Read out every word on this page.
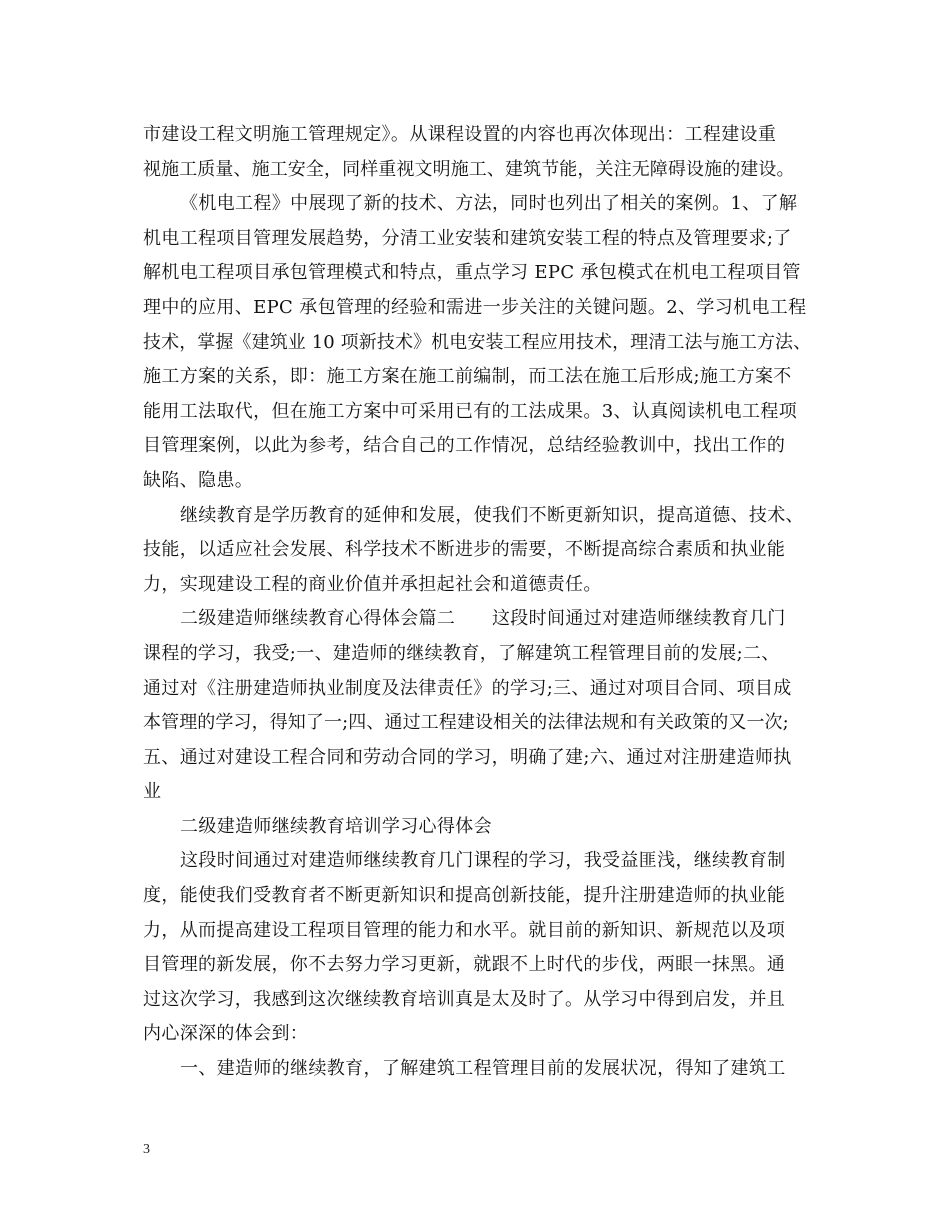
市建设工程文明施工管理规定》。从课程设置的内容也再次体现出：工程建设重
视施工质量、施工安全，同样重视文明施工、建筑节能，关注无障碍设施的建设。
《机电工程》中展现了新的技术、方法，同时也列出了相关的案例。1、了解
机电工程项目管理发展趋势，分清工业安装和建筑安装工程的特点及管理要求;了
解机电工程项目承包管理模式和特点，重点学习 EPC 承包模式在机电工程项目管
理中的应用、EPC 承包管理的经验和需进一步关注的关键问题。2、学习机电工程
技术，掌握《建筑业 10 项新技术》机电安装工程应用技术，理清工法与施工方法、
施工方案的关系，即：施工方案在施工前编制，而工法在施工后形成;施工方案不
能用工法取代，但在施工方案中可采用已有的工法成果。3、认真阅读机电工程项
目管理案例，以此为参考，结合自己的工作情况，总结经验教训中，找出工作的
缺陷、隐患。
继续教育是学历教育的延伸和发展，使我们不断更新知识，提高道德、技术、
技能，以适应社会发展、科学技术不断进步的需要，不断提高综合素质和执业能
力，实现建设工程的商业价值并承担起社会和道德责任。
二级建造师继续教育心得体会篇二　　这段时间通过对建造师继续教育几门
课程的学习，我受;一、建造师的继续教育，了解建筑工程管理目前的发展;二、
通过对《注册建造师执业制度及法律责任》的学习;三、通过对项目合同、项目成
本管理的学习，得知了一;四、通过工程建设相关的法律法规和有关政策的又一次;
五、通过对建设工程合同和劳动合同的学习，明确了建;六、通过对注册建造师执
业
二级建造师继续教育培训学习心得体会
这段时间通过对建造师继续教育几门课程的学习，我受益匪浅，继续教育制
度，能使我们受教育者不断更新知识和提高创新技能，提升注册建造师的执业能
力，从而提高建设工程项目管理的能力和水平。就目前的新知识、新规范以及项
目管理的新发展，你不去努力学习更新，就跟不上时代的步伐，两眼一抹黑。通
过这次学习，我感到这次继续教育培训真是太及时了。从学习中得到启发，并且
内心深深的体会到：
一、建造师的继续教育，了解建筑工程管理目前的发展状况，得知了建筑工
3
